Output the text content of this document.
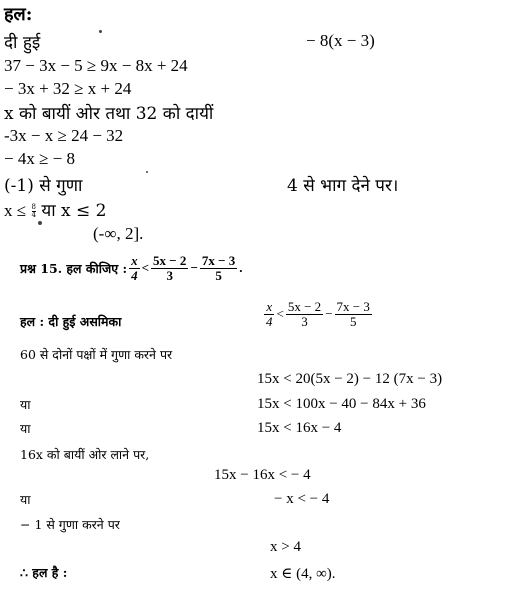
हल:
दी हुई	− 8(x − 3)
37 − 3x − 5 ≥ 9x − 8x + 24
− 3x + 32 ≥ x + 24
x को बायीं ओर तथा 32 को दायीं
-3x − x ≥ 24 − 32
− 4x ≥ − 8
(-1) से गुणा	4 से भाग देने पर।
$x \le \frac{8}{4}$ या x ≤ 2
(-∞, 2].
प्रश्न 15. हल कीजिए : $\frac{x}{4} < \frac{5x - 2}{3} - \frac{7x - 3}{5}$ .
हल : दी हुई असमिका	$\frac{x}{4} < \frac{5x - 2}{3} - \frac{7x - 3}{5}$
60 से दोनों पक्षों में गुणा करने पर
15x < 20(5x − 2) − 12 (7x − 3)
या	15x < 100x − 40 − 84x + 36
या	15x < 16x − 4
16x को बायीं ओर लाने पर,
15x − 16x < − 4
या	− x < − 4
− 1 से गुणा करने पर
x > 4
∴ हल है :	x ∈ (4, ∞).
